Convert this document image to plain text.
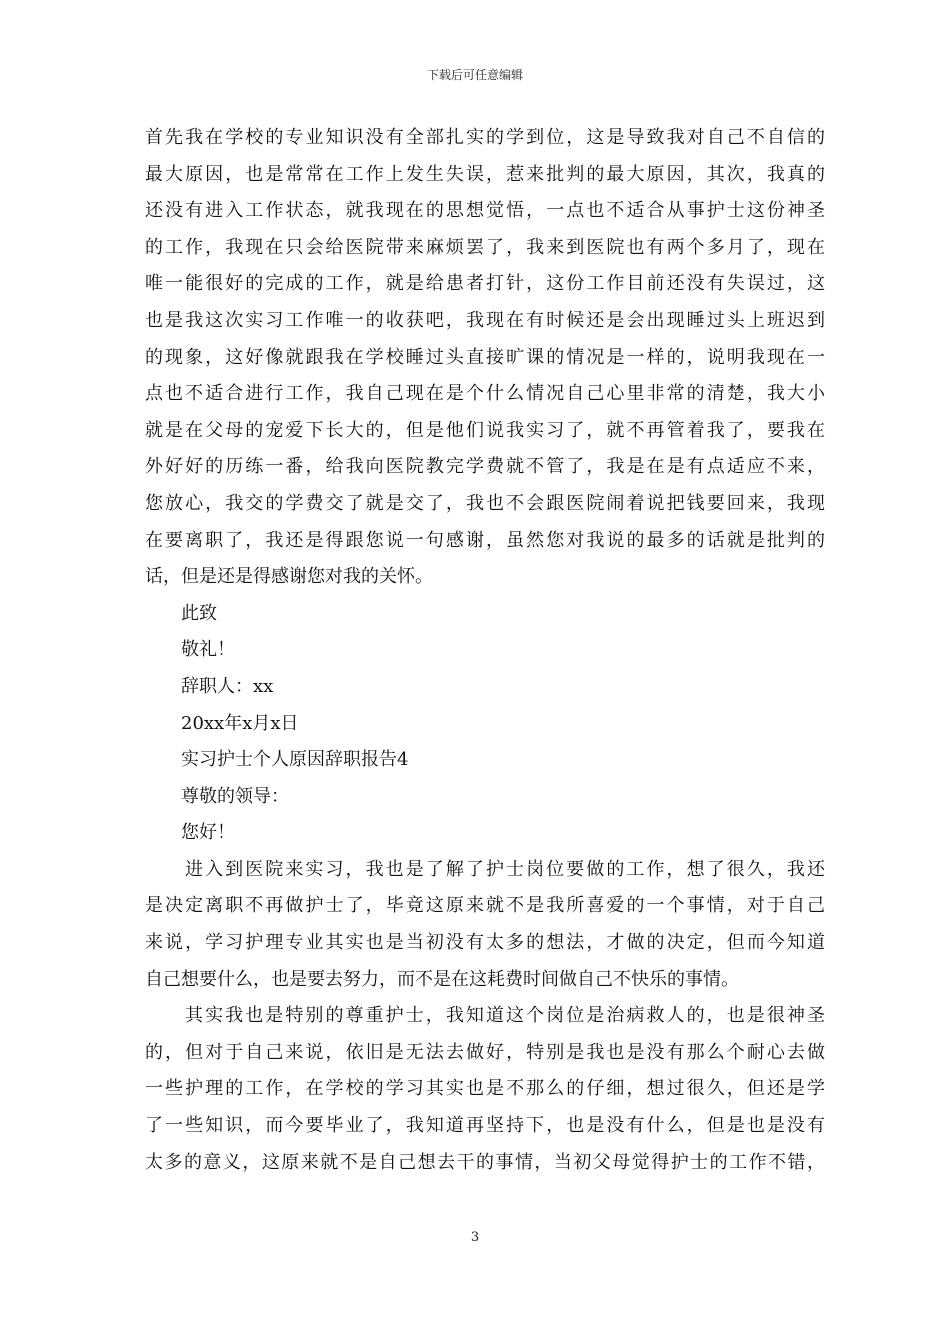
下载后可任意编辑
首先我在学校的专业知识没有全部扎实的学到位，这是导致我对自己不自信的
最大原因，也是常常在工作上发生失误，惹来批判的最大原因，其次，我真的
还没有进入工作状态，就我现在的思想觉悟，一点也不适合从事护士这份神圣
的工作，我现在只会给医院带来麻烦罢了，我来到医院也有两个多月了，现在
唯一能很好的完成的工作，就是给患者打针，这份工作目前还没有失误过，这
也是我这次实习工作唯一的收获吧，我现在有时候还是会出现睡过头上班迟到
的现象，这好像就跟我在学校睡过头直接旷课的情况是一样的，说明我现在一
点也不适合进行工作，我自己现在是个什么情况自己心里非常的清楚，我大小
就是在父母的宠爱下长大的，但是他们说我实习了，就不再管着我了，要我在
外好好的历练一番，给我向医院教完学费就不管了，我是在是有点适应不来，
您放心，我交的学费交了就是交了，我也不会跟医院闹着说把钱要回来，我现
在要离职了，我还是得跟您说一句感谢，虽然您对我说的最多的话就是批判的
话，但是还是得感谢您对我的关怀。
此致
敬礼！
辞职人：xx
20xx年x月x日
实习护士个人原因辞职报告4
尊敬的领导：
您好！
进入到医院来实习，我也是了解了护士岗位要做的工作，想了很久，我还
是决定离职不再做护士了，毕竟这原来就不是我所喜爱的一个事情，对于自己
来说，学习护理专业其实也是当初没有太多的想法，才做的决定，但而今知道
自己想要什么，也是要去努力，而不是在这耗费时间做自己不快乐的事情。
其实我也是特别的尊重护士，我知道这个岗位是治病救人的，也是很神圣
的，但对于自己来说，依旧是无法去做好，特别是我也是没有那么个耐心去做
一些护理的工作，在学校的学习其实也是不那么的仔细，想过很久，但还是学
了一些知识，而今要毕业了，我知道再坚持下，也是没有什么，但是也是没有
太多的意义，这原来就不是自己想去干的事情，当初父母觉得护士的工作不错，
3
